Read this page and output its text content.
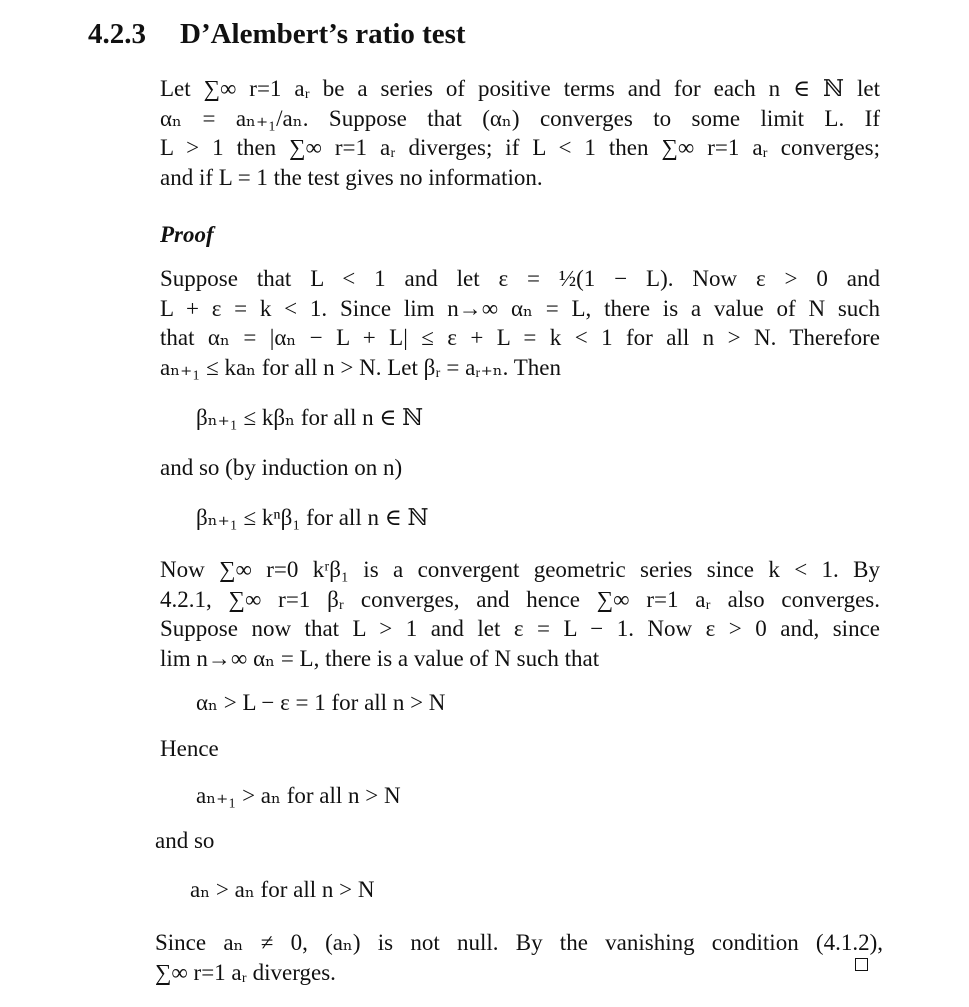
4.2.3 D’Alembert’s ratio test
Let ∑∞ r=1 aᵣ be a series of positive terms and for each n ∈ ℕ let
αₙ = aₙ₊₁/aₙ. Suppose that (αₙ) converges to some limit L. If
L > 1 then ∑∞ r=1 aᵣ diverges; if L < 1 then ∑∞ r=1 aᵣ converges;
and if L = 1 the test gives no information.

Proof

Suppose that L < 1 and let ε = ½(1 − L). Now ε > 0 and
L + ε = k < 1. Since lim n→∞ αₙ = L, there is a value of N such
that αₙ = |αₙ − L + L| ≤ ε + L = k < 1 for all n > N. Therefore
aₙ₊₁ ≤ kaₙ for all n > N. Let βᵣ = aᵣ₊ₙ. Then

βₙ₊₁ ≤ kβₙ for all n ∈ ℕ

and so (by induction on n)

βₙ₊₁ ≤ kⁿβ₁ for all n ∈ ℕ

Now ∑∞ r=0 kʳβ₁ is a convergent geometric series since k < 1. By
4.2.1, ∑∞ r=1 βᵣ converges, and hence ∑∞ r=1 aᵣ also converges.
Suppose now that L > 1 and let ε = L − 1. Now ε > 0 and, since
lim n→∞ αₙ = L, there is a value of N such that

αₙ > L − ε = 1 for all n > N

Hence

aₙ₊₁ > aₙ for all n > N

and so

aₙ > aₙ for all n > N

Since aₙ ≠ 0, (aₙ) is not null. By the vanishing condition (4.1.2),
∑∞ r=1 aᵣ diverges.
